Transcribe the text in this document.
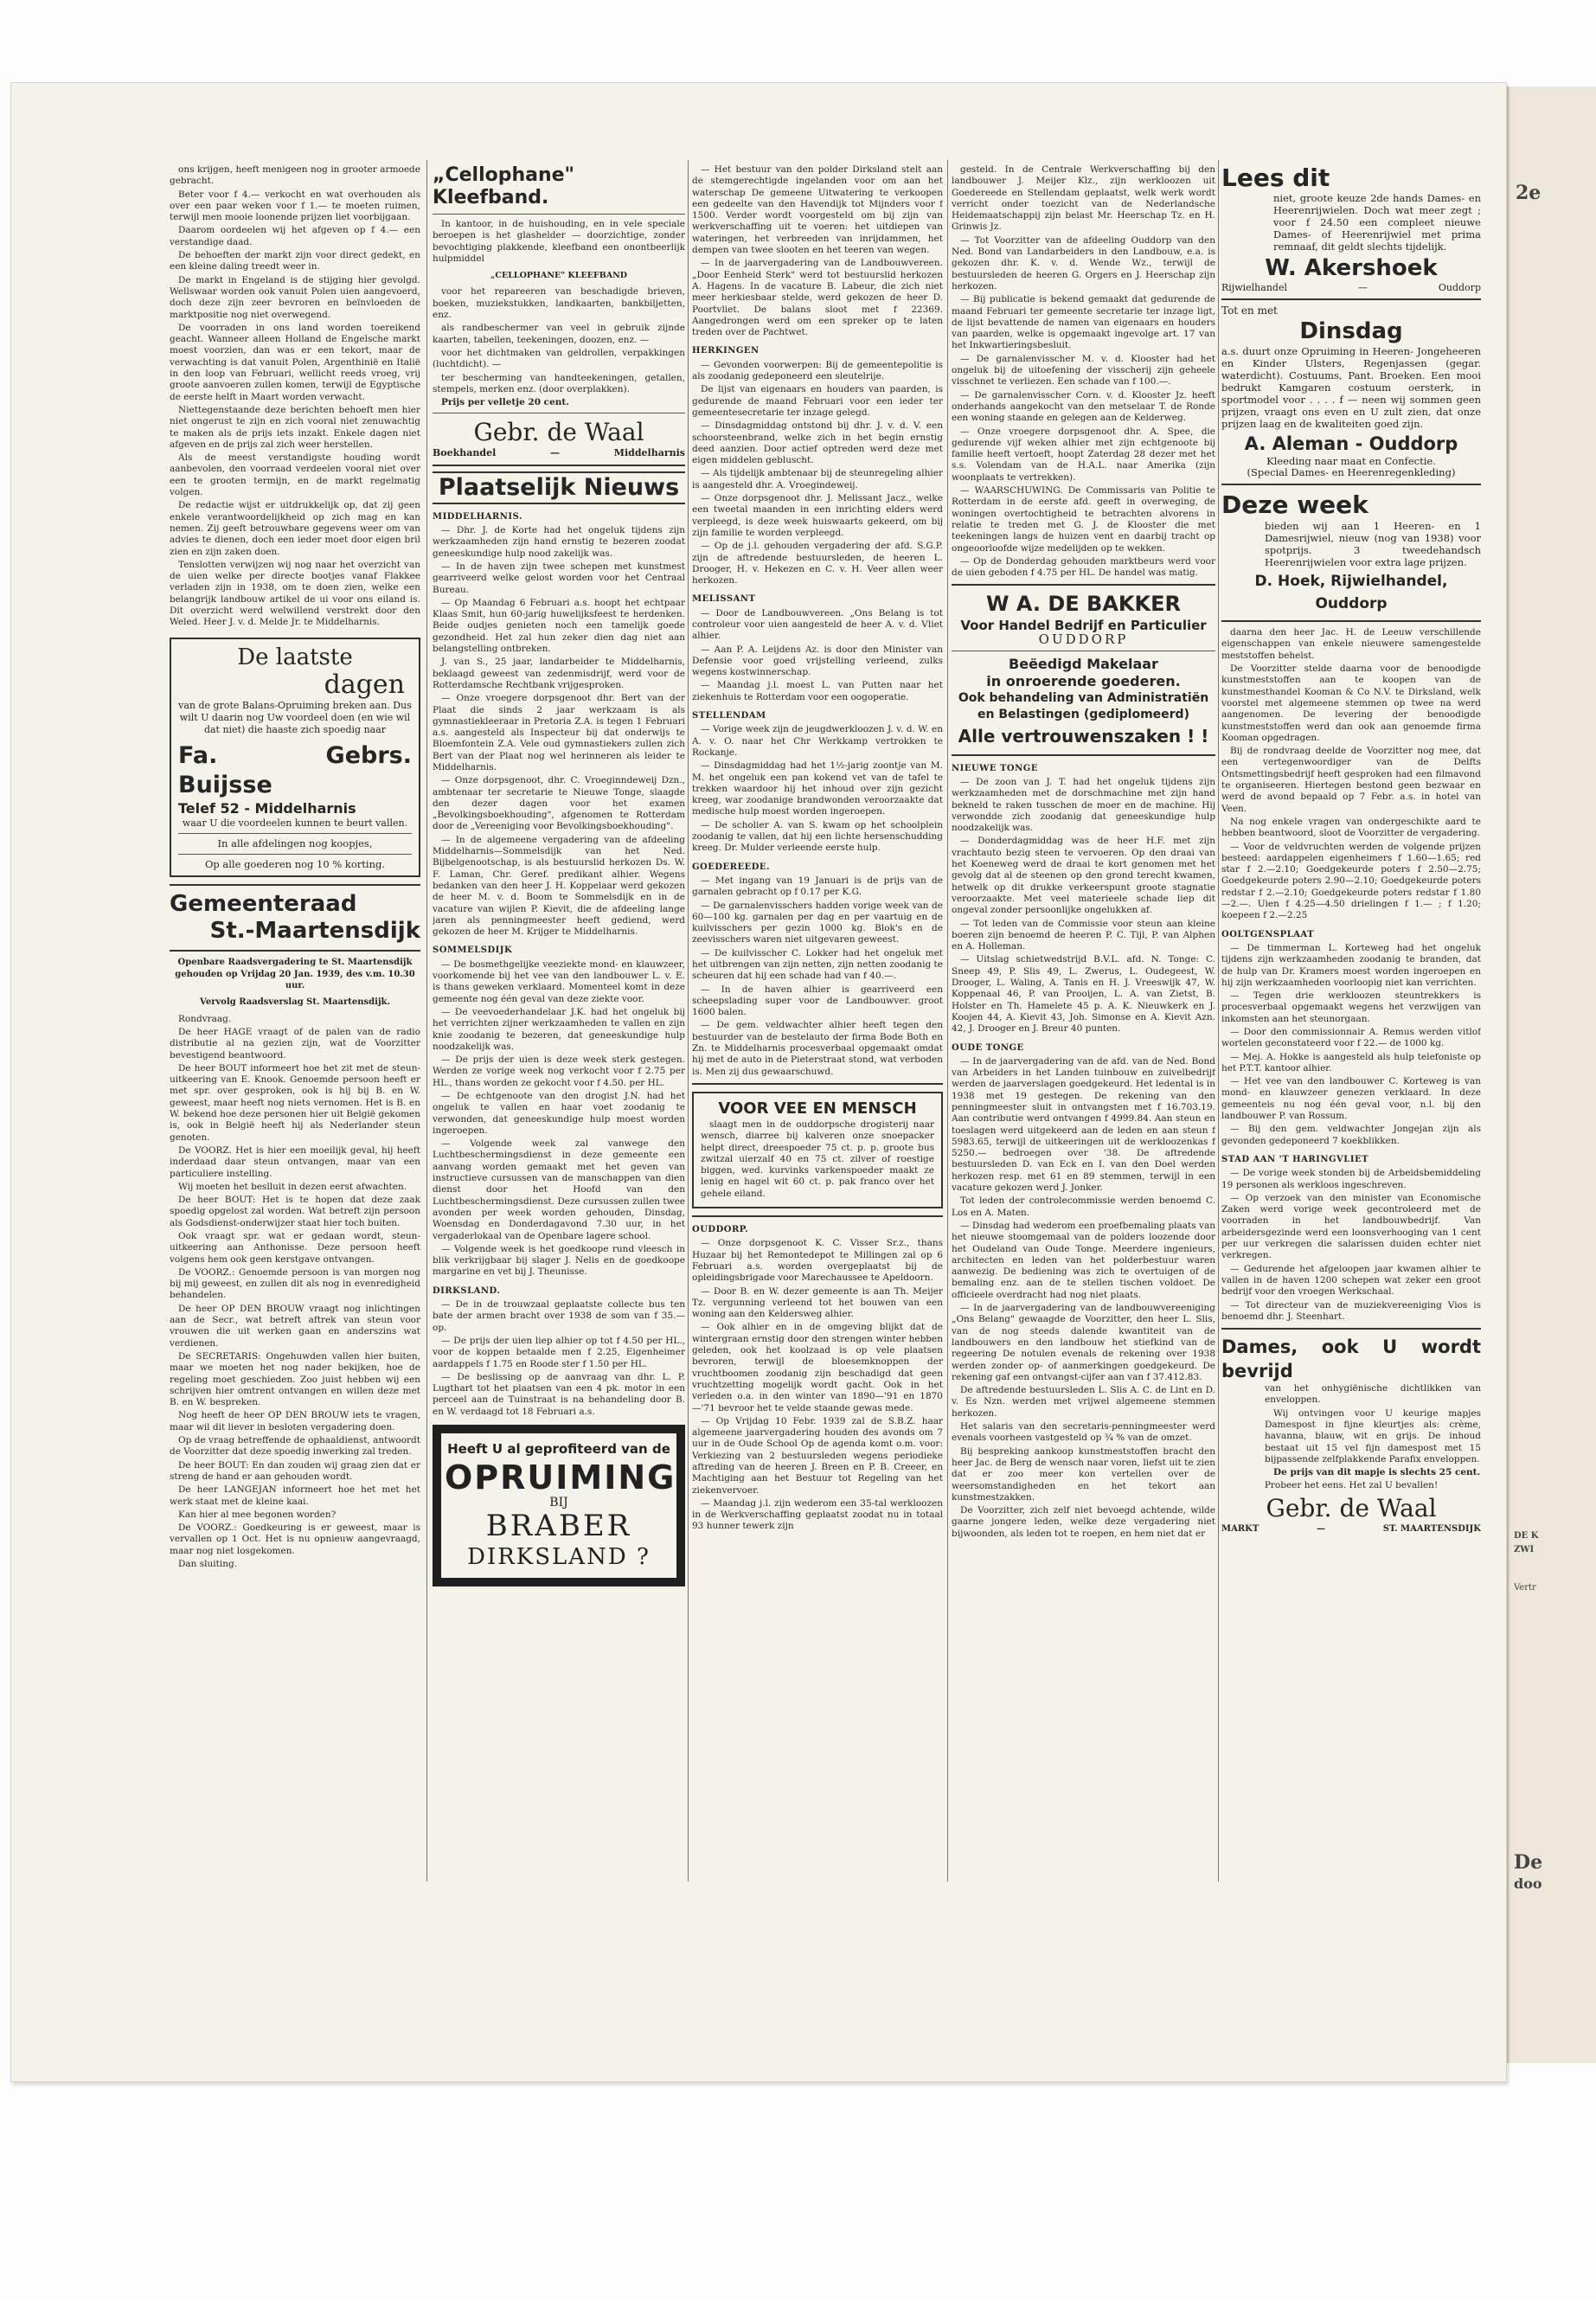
2e
DE K
ZWI
Vertr
De
doo

ons krijgen, heeft menigeen nog in grooter armoede gebracht.

Beter voor f 4.— verkocht en wat overhouden als over een paar weken voor f 1.— te moeten ruimen, terwijl men mooie loonende prijzen liet voorbijgaan.

Daarom oordeelen wij het afgeven op f 4.— een verstandige daad.

De behoeften der markt zijn voor direct gedekt, en een kleine daling treedt weer in.

De markt in Engeland is de stijging hier gevolgd. Wellswaar worden ook vanuit Polen uien aangevoerd, doch deze zijn zeer bevroren en beïnvloeden de marktpositie nog niet overwegend.

De voorraden in ons land worden toereikend geacht. Wanneer alleen Holland de Engelsche markt moest voorzien, dan was er een tekort, maar de verwachting is dat vanuit Polen, Argenthinië en Italië in den loop van Februari, wellicht reeds vroeg, vrij groote aanvoeren zullen komen, terwijl de Egyptische de eerste helft in Maart worden verwacht.

Niettegenstaande deze berichten behoeft men hier niet ongerust te zijn en zich vooral niet zenuwachtig te maken als de prijs iets inzakt. Enkele dagen niet afgeven en de prijs zal zich weer herstellen.

Als de meest verstandigste houding wordt aanbevolen, den voorraad verdeelen vooral niet over een te grooten termijn, en de markt regelmatig volgen.

De redactie wijst er uitdrukkelijk op, dat zij geen enkele verantwoordelijkheid op zich mag en kan nemen. Zij geeft betrouwbare gegevens weer om van advies te dienen, doch een ieder moet door eigen bril zien en zijn zaken doen.

Tenslotten verwijzen wij nog naar het overzicht van de uien welke per directe bootjes vanaf Flakkee verladen zijn in 1938, om te doen zien, welke een belangrijk landbouw artikel de ui voor ons eiland is. Dit overzicht werd welwillend verstrekt door den Weled. Heer J. v. d. Melde Jr. te Middelharnis.

De laatste
dagen
van de grote Balans-Opruiming breken aan. Dus wilt U daarin nog Uw voordeel doen (en wie wil dat niet) die haaste zich spoedig naar
Fa. Gebrs. Buijsse
Telef 52 - Middelharnis
waar U die voordeelen kunnen te beurt vallen.
In alle afdelingen nog koopjes,
Op alle goederen nog 10 % korting.
Gemeenteraad
St.-Maartensdijk

Openbare Raadsvergadering te St. Maartensdijk gehouden op Vrijdag 20 Jan. 1939, des v.m. 10.30 uur.

Vervolg Raadsverslag St. Maartensdijk.

Rondvraag.

De heer HAGE vraagt of de palen van de radio distributie al na gezien zijn, wat de Voorzitter bevestigend beantwoord.

De heer BOUT informeert hoe het zit met de steun-uitkeering van E. Knook. Genoemde persoon heeft er met spr. over gesproken, ook is hij bij B. en W. geweest, maar heeft nog niets vernomen. Het is B. en W. bekend hoe deze personen hier uit België gekomen is, ook in België heeft hij als Nederlander steun genoten.

De VOORZ. Het is hier een moeilijk geval, hij heeft inderdaad daar steun ontvangen, maar van een particuliere instelling.

Wij moeten het beslluit in dezen eerst afwachten.

De heer BOUT: Het is te hopen dat deze zaak spoedig opgelost zal worden. Wat betreft zijn persoon als Godsdienst-onderwijzer staat hier toch buiten.

Ook vraagt spr. wat er gedaan wordt, steun-uitkeering aan Anthonisse. Deze persoon heeft volgens hem ook geen kerstgave ontvangen.

De VOORZ.: Genoemde persoon is van morgen nog bij mij geweest, en zullen dit als nog in evenredigheid behandelen.

De heer OP DEN BROUW vraagt nog inlichtingen aan de Secr., wat betreft aftrek van steun voor vrouwen die uit werken gaan en anderszins wat verdienen.

De SECRETARIS: Ongehuwden vallen hier buiten, maar we moeten het nog nader bekijken, hoe de regeling moet geschieden. Zoo juist hebben wij een schrijven hier omtrent ontvangen en willen deze met B. en W. bespreken.

Nog heeft de heer OP DEN BROUW iets te vragen, maar wil dit liever in besloten vergadering doen.

Op de vraag betreffende de ophaaldienst, antwoordt de Voorzitter dat deze spoedig inwerking zal treden.

De heer BOUT: En dan zouden wij graag zien dat er streng de hand er aan gehouden wordt.

De heer LANGEJAN informeert hoe het met het werk staat met de kleine kaai.

Kan hier al mee begonen worden?

De VOORZ.: Goedkeuring is er geweest, maar is vervallen op 1 Oct. Het is nu opnieuw aangevraagd, maar nog niet losgekomen.

Dan sluiting.

„Cellophane" Kleefband.

In kantoor, in de huishouding, en in vele speciale beroepen is het glashelder — doorzichtige, zonder bevochtiging plakkende, kleefband een onontbeerlijk hulpmiddel

„CELLOPHANE" KLEEFBAND

voor het repareeren van beschadigde brieven, boeken, muziekstukken, landkaarten, bankbiljetten, enz.

als randbeschermer van veel in gebruik zijnde kaarten, tabellen, teekeningen, doozen, enz. —

voor het dichtmaken van geldrollen, verpakkingen (luchtdicht). —

ter bescherming van handteekeningen, getallen, stempels, merken enz. (door overplakken).

Prijs per velletje 20 cent.

Gebr. de Waal
Boekhandel	—	Middelharnis
Plaatselijk Nieuws

MIDDELHARNIS.

— Dhr. J. de Korte had het ongeluk tijdens zijn werkzaamheden zijn hand ernstig te bezeren zoodat geneeskundige hulp nood zakelijk was.

— In de haven zijn twee schepen met kunstmest gearriveerd welke gelost worden voor het Centraal Bureau.

— Op Maandag 6 Februari a.s. hoopt het echtpaar Klaas Smit, hun 60-jarig huwelijksfeest te herdenken. Beide oudjes genieten noch een tamelijk goede gezondheid. Het zal hun zeker dien dag niet aan belangstelling ontbreken.

J. van S., 25 jaar, landarbeider te Middelharnis, beklaagd geweest van zedenmisdrijf, werd voor de Rotterdamsche Rechtbank vrijgesproken.

— Onze vroegere dorpsgenoot dhr. Bert van der Plaat die sinds 2 jaar werkzaam is als gymnastiekleeraar in Pretoria Z.A. is tegen 1 Februari a.s. aangesteld als Inspecteur bij dat onderwijs te Bloemfontein Z.A. Vele oud gymnastiekers zullen zich Bert van der Plaat nog wel herinneren als leider te Middelharnis.

— Onze dorpsgenoot, dhr. C. Vroeginndeweij Dzn., ambtenaar ter secretarie te Nieuwe Tonge, slaagde den dezer dagen voor het examen „Bevolkingsboekhouding", afgenomen te Rotterdam door de „Vereeniging voor Bevolkingsboekhouding".

— In de algemeene vergadering van de afdeeling Middelharnis—Sommelsdijk van het Ned. Bijbelgenootschap, is als bestuurslid herkozen Ds. W. F. Laman, Chr. Geref. predikant alhier. Wegens bedanken van den heer J. H. Koppelaar werd gekozen de heer M. v. d. Boom te Sommelsdijk en in de vacature van wijlen P. Kievit, die de afdeeling lange jaren als penningmeester heeft gediend, werd gekozen de heer M. Krijger te Middelharnis.

SOMMELSDIJK

— De bosmethgelijke veeziekte mond- en klauwzeer, voorkomende bij het vee van den landbouwer L. v. E. is thans geweken verklaard. Momenteel komt in deze gemeente nog één geval van deze ziekte voor.

— De veevoederhandelaar J.K. had het ongeluk bij het verrichten zijner werkzaamheden te vallen en zijn knie zoodanig te bezeren, dat geneeskundige hulp noodzakelijk was.

— De prijs der uien is deze week sterk gestegen. Werden ze vorige week nog verkocht voor f 2.75 per HL., thans worden ze gekocht voor f 4.50. per HL.

— De echtgenoote van den drogist J.N. had het ongeluk te vallen en haar voet zoodanig te verwonden, dat geneeskundige hulp moest worden ingeroepen.

— Volgende week zal vanwege den Luchtbeschermingsdienst in deze gemeente een aanvang worden gemaakt met het geven van instructieve cursussen van de manschappen van dien dienst door het Hoofd van den Luchtbeschermingsdienst. Deze cursussen zullen twee avonden per week worden gehouden, Dinsdag, Woensdag en Donderdagavond 7.30 uur, in het vergaderlokaal van de Openbare lagere school.

— Volgende week is het goedkoope rund vleesch in blik verkrijgbaar bij slager J. Nelis en de goedkoope margarine en vet bij J. Theunisse.

DIRKSLAND.

— De in de trouwzaal geplaatste collecte bus ten bate der armen bracht over 1938 de som van f 35.— op.

— De prijs der uien liep alhier op tot f 4.50 per HL., voor de koppen betaalde men f 2.25, Eigenheimer aardappels f 1.75 en Roode ster f 1.50 per HL.

— De beslissing op de aanvraag van dhr. L. P. Lugthart tot het plaatsen van een 4 pk. motor in een perceel aan de Tuinstraat is na behandeling door B. en W. verdaagd tot 18 Februari a.s.

Heeft U al geprofiteerd van de
OPRUIMING
BIJ
BRABER
DIRKSLAND ?

— Het bestuur van den polder Dirksland stelt aan de stemgerechtigde ingelanden voor om aan het waterschap De gemeene Uitwatering te verkoopen een gedeelte van den Havendijk tot Mijnders voor f 1500. Verder wordt voorgesteld om bij zijn van werkverschaffing uit te voeren: het uitdiepen van wateringen, het verbreeden van inrijdammen, het dempen van twee slooten en het teeren van wegen.

— In de jaarvergadering van de Landbouwvereen. „Door Eenheid Sterk" werd tot bestuurslid herkozen A. Hagens. In de vacature B. Labeur, die zich niet meer herkiesbaar stelde, werd gekozen de heer D. Poortvliet. De balans sloot met f 22369. Aangedrongen werd om een spreker op te laten treden over de Pachtwet.

HERKINGEN

— Gevonden voorwerpen: Bij de gemeentepolitie is als zoodanig gedeponeerd een sleutelrije.

De lijst van eigenaars en houders van paarden, is gedurende de maand Februari voor een ieder ter gemeentesecretarie ter inzage gelegd.

— Dinsdagmiddag ontstond bij dhr. J. v. d. V. een schoorsteenbrand, welke zich in het begin ernstig deed aanzien. Door actief optreden werd deze met eigen middelen gebluscht.

— Als tijdelijk ambtenaar bij de steunregeling alhier is aangesteld dhr. A. Vroegindeweij.

— Onze dorpsgenoot dhr. J. Melissant Jacz., welke een tweetal maanden in een inrichting elders werd verpleegd, is deze week huiswaarts gekeerd, om bij zijn familie te worden verpleegd.

— Op de j.l. gehouden vergadering der afd. S.G.P. zijn de aftredende bestuursleden, de heeren L. Drooger, H. v. Hekezen en C. v. H. Veer allen weer herkozen.

MELISSANT

— Door de Landbouwvereen. „Ons Belang is tot controleur voor uien aangesteld de heer A. v. d. Vliet alhier.

— Aan P. A. Leijdens Az. is door den Minister van Defensie voor goed vrijstelling verleend, zulks wegens kostwinnerschap.

— Maandag j.l. moest L. van Putten naar het ziekenhuis te Rotterdam voor een oogoperatie.

STELLENDAM

— Vorige week zijn de jeugdwerkloozen J. v. d. W. en A. v. O. naar het Chr Werkkamp vertrokken te Rockanje.

— Dinsdagmiddag had het 1½-jarig zoontje van M. M. het ongeluk een pan kokend vet van de tafel te trekken waardoor hij het inhoud over zijn gezicht kreeg, war zoodanige brandwonden veroorzaakte dat medische hulp moest worden ingeroepen.

— De scholier A. van S. kwam op het schoolplein zoodanig te vallen, dat hij een lichte hersenschudding kreeg. Dr. Mulder verleende eerste hulp.

GOEDEREEDE.

— Met ingang van 19 Januari is de prijs van de garnalen gebracht op f 0.17 per K.G.

— De garnalenvisschers hadden vorige week van de 60—100 kg. garnalen per dag en per vaartuig en de kuilvisschers per gezin 1000 kg. Blok's en de zeevisschers waren niet uitgevaren geweest.

— De kuilvisscher C. Lokker had het ongeluk met het uitbrengen van zijn netten, zijn netten zoodanig te scheuren dat hij een schade had van f 40.—.

— In de haven alhier is gearriveerd een scheepslading super voor de Landbouwver. groot 1600 balen.

— De gem. veldwachter alhier heeft tegen den bestuurder van de bestelauto der firma Bode Both en Zn. te Middelharnis procesverbaal opgemaakt omdat hij met de auto in de Pieterstraat stond, wat verboden is. Men zij dus gewaarschuwd.

VOOR VEE EN MENSCH

slaagt men in de ouddorpsche drogisterij naar wensch, diarree bij kalveren onze snoepacker helpt direct, dreespoeder 75 ct. p. p. groote bus zwitzal uierzalf 40 en 75 ct. zilver of roestige biggen, wed. kurvinks varkenspoeder maakt ze lenig en hagel wit 60 ct. p. pak franco over het gehele eiland.

OUDDORP.

— Onze dorpsgenoot K. C. Visser Sr.z., thans Huzaar bij het Remontedepot te Millingen zal op 6 Februari a.s. worden overgeplaatst bij de opleidingsbrigade voor Marechaussee te Apeldoorn.

— Door B. en W. dezer gemeente is aan Th. Meijer Tz. vergunning verleend tot het bouwen van een woning aan den Keldersweg alhier.

— Ook alhier en in de omgeving blijkt dat de wintergraan ernstig door den strengen winter hebben geleden, ook het koolzaad is op vele plaatsen bevroren, terwijl de bloesemknoppen der vruchtboomen zoodanig zijn beschadigd dat geen vruchtzetting mogelijk wordt gacht. Ook in het verleden o.a. in den winter van 1890—'91 en 1870—'71 bevroor het te velde staande gewas mede.

— Op Vrijdag 10 Febr. 1939 zal de S.B.Z. haar algemeene jaarvergadering houden des avonds om 7 uur in de Oude School Op de agenda komt o.m. voor: Verkiezing van 2 bestuursleden wegens periodieke aftreding van de heeren J. Breen en P. B. Creeer, en Machtiging aan het Bestuur tot Regeling van het ziekenvervoer.

— Maandag j.l. zijn wederom een 35-tal werkloozen in de Werkverschaffing geplaatst zoodat nu in totaal 93 hunner tewerk zijn

gesteld. In de Centrale Werkverschaffing bij den landbouwer J. Meijer Klz., zijn werkloozen uit Goedereede en Stellendam geplaatst, welk werk wordt verricht onder toezicht van de Nederlandsche Heidemaatschappij zijn belast Mr. Heerschap Tz. en H. Grinwis Jz.

— Tot Voorzitter van de afdeeling Ouddorp van den Ned. Bond van Landarbeiders in den Landbouw, e.a. is gekozen dhr. K. v. d. Wende Wz., terwijl de bestuursleden de heeren G. Orgers en J. Heerschap zijn herkozen.

— Bij publicatie is bekend gemaakt dat gedurende de maand Februari ter gemeente secretarie ter inzage ligt, de lijst bevattende de namen van eigenaars en houders van paarden, welke is opgemaakt ingevolge art. 17 van het Inkwartieringsbesluit.

— De garnalenvisscher M. v. d. Klooster had het ongeluk bij de uitoefening der visscherij zijn geheele visschnet te verliezen. Een schade van f 100.—.

— De garnalenvisscher Corn. v. d. Klooster Jz. heeft onderhands aangekocht van den metselaar T. de Ronde een woning staande en gelegen aan de Kelderweg.

— Onze vroegere dorpsgenoot dhr. A. Spee, die gedurende vijf weken alhier met zijn echtgenoote bij familie heeft vertoeft, hoopt Zaterdag 28 dezer met het s.s. Volendam van de H.A.L. naar Amerika (zijn woonplaats te vertrekken).

— WAARSCHUWING. De Commissaris van Politie te Rotterdam in de eerste afd. geeft in overweging, de woningen overtochtigheid te betrachten alvorens in relatie te treden met G. J. de Klooster die met teekeningen langs de huizen vent en daarbij tracht op ongeoorloofde wijze medelijden op te wekken.

— Op de Donderdag gehouden marktbeurs werd voor de uien geboden f 4.75 per HL. De handel was matig.

W A. DE BAKKER
Voor Handel Bedrijf en Particulier
OUDDORP
Beëedigd Makelaar
in onroerende goederen.
Ook behandeling van Administratiën en Belastingen (gediplomeerd)
Alle vertrouwenszaken ! !

NIEUWE TONGE

— De zoon van J. T. had het ongeluk tijdens zijn werkzaamheden met de dorschmachine met zijn hand bekneld te raken tusschen de moer en de machine. Hij verwondde zich zoodanig dat geneeskundige hulp noodzakelijk was.

— Donderdagmiddag was de heer H.F. met zijn vrachtauto bezig steen te vervoeren. Op den draai van het Koeneweg werd de draai te kort genomen met het gevolg dat al de steenen op den grond terecht kwamen, hetwelk op dit drukke verkeerspunt groote stagnatie veroorzaakte. Met veel materieele schade liep dit ongeval zonder persoonlijke ongelukken af.

— Tot leden van de Commissie voor steun aan kleine boeren zijn benoemd de heeren P. C. Tijl, P. van Alphen en A. Holleman.

— Uitslag schietwedstrijd B.V.L. afd. N. Tonge: C. Sneep 49, P. Slis 49, L. Zwerus, L. Oudegeest, W. Drooger, L. Waling, A. Tanis en H. J. Vreeswijk 47, W. Koppenaal 46, P. van Prooijen, L. A. van Zietst, B. Holster en Th. Hamelete 45 p. A. K. Nieuwkerk en J. Koojen 44, A. Kievit 43, Joh. Simonse en A. Kievit Azn. 42, J. Drooger en J. Breur 40 punten.

OUDE TONGE

— In de jaarvergadering van de afd. van de Ned. Bond van Arbeiders in het Landen tuinbouw en zuivelbedrijf werden de jaarverslagen goedgekeurd. Het ledental is in 1938 met 19 gestegen. De rekening van den penningmeester sluit in ontvangsten met f 16.703.19. Aan contributie werd ontvangen f 4999.84. Aan steun en toeslagen werd uitgekeerd aan de leden en aan steun f 5983.65, terwijl de uitkeeringen uit de werkloozenkas f 5250.— bedroegen over '38. De aftredende bestuursleden D. van Eck en I. van den Doel werden herkozen resp. met 61 en 89 stemmen, terwijl in een vacature gekozen werd J. Jonker.

Tot leden der controlecommissie werden benoemd C. Los en A. Maten.

— Dinsdag had wederom een proefbemaling plaats van het nieuwe stoomgemaal van de polders loozende door het Oudeland van Oude Tonge. Meerdere ingenieurs, architecten en leden van het polderbestuur waren aanwezig. De bediening was zich te overtuigen of de bemaling enz. aan de te stellen tischen voldoet. De officieele overdracht had nog niet plaats.

— In de jaarvergadering van de landbouwvereeniging „Ons Belang" gewaagde de Voorzitter, den heer L. Slis, van de nog steeds dalende kwantiteit van de landbouwers en den landbouw het stiefkind van de regeering De notulen evenals de rekening over 1938 werden zonder op- of aanmerkingen goedgekeurd. De rekening gaf een ontvangst-cijfer aan van f 37.412.83.

De aftredende bestuursleden L. Slis A. C. de Lint en D. v. Es Nzn. werden met vrijwel algemeene stemmen herkozen.

Het salaris van den secretaris-penningmeester werd evenals voorheen vastgesteld op ¾ % van de omzet.

Bij bespreking aankoop kunstmeststoffen bracht den heer Jac. de Berg de wensch naar voren, liefst uit te zien dat er zoo meer kon vertellen over de weersomstandigheden en het tekort aan kunstmestzakken.

De Voorzitter, zich zelf niet bevoegd achtende, wilde gaarne jongere leden, welke deze vergadering niet bijwoonden, als leden tot te roepen, en hem niet dat er

Lees dit

niet, groote keuze 2de hands Dames- en Heerenrijwielen. Doch wat meer zegt ; voor f 24.50 een compleet nieuwe Dames- of Heerenrijwiel met prima remnaaf, dit geldt slechts tijdelijk.

W. Akershoek
Rijwielhandel	—	Ouddorp
Tot en met
Dinsdag

a.s. duurt onze Opruiming in Heeren- Jongeheeren en Kinder Ulsters, Regenjassen (gegar. waterdicht). Costuums, Pant. Broeken. Een mooi bedrukt Kamgaren costuum oersterk, in sportmodel voor . . . . f — neen wij sommen geen prijzen, vraagt ons even en U zult zien, dat onze prijzen laag en de kwaliteiten goed zijn.

A. Aleman - Ouddorp
Kleeding naar maat en Confectie.
(Special Dames- en Heerenregenkleding)
Deze week

bieden wij aan 1 Heeren- en 1 Damesrijwiel, nieuw (nog van 1938) voor spotprijs. 3 tweedehandsch Heerenrijwielen voor extra lage prijzen.

D. Hoek, Rijwielhandel, Ouddorp

daarna den heer Jac. H. de Leeuw verschillende eigenschappen van enkele nieuwere samengestelde meststoffen behelst.

De Voorzitter stelde daarna voor de benoodigde kunstmeststoffen aan te koopen van de kunstmesthandel Kooman & Co N.V. te Dirksland, welk voorstel met algemeene stemmen op twee na werd aangenomen. De levering der benoodigde kunstmeststoffen werd dan ook aan genoemde firma Kooman opgedragen.

Bij de rondvraag deelde de Voorzitter nog mee, dat een vertegenwoordiger van de Delfts Ontsmettingsbedrijf heeft gesproken had een filmavond te organiseeren. Hiertegen bestond geen bezwaar en werd de avond bepaald op 7 Febr. a.s. in hotel van Veen.

Na nog enkele vragen van ondergeschikte aard te hebben beantwoord, sloot de Voorzitter de vergadering.

— Voor de veldvruchten werden de volgende prijzen besteed: aardappelen eigenheimers f 1.60—1.65; red star f 2.—2.10; Goedgekeurde poters f 2.50—2.75; Goedgekeurde poters 2.90—2.10; Goedgekeurde poters redstar f 2.—2.10; Goedgekeurde poters redstar f 1.80—2.—. Uien f 4.25—4.50 drielingen f 1.— ; f 1.20; koepeen f 2.—2.25

OOLTGENSPLAAT

— De timmerman L. Korteweg had het ongeluk tijdens zijn werkzaamheden zoodanig te branden, dat de hulp van Dr. Kramers moest worden ingeroepen en hij zijn werkzaamheden voorloopig niet kan verrichten.

— Tegen drie werkloozen steuntrekkers is procesverbaal opgemaakt wegens het verzwijgen van inkomsten aan het steunorgaan.

— Door den commissionnair A. Remus werden vitlof wortelen geconstateerd voor f 22.— de 1000 kg.

— Mej. A. Hokke is aangesteld als hulp telefoniste op het P.T.T. kantoor alhier.

— Het vee van den landbouwer C. Korteweg is van mond- en klauwzeer genezen verklaard. In deze gemeenteis nu nog één geval voor, n.l. bij den landbouwer P. van Rossum.

— Bij den gem. veldwachter Jongejan zijn als gevonden gedeponeerd 7 koekblikken.

STAD AAN 'T HARINGVLIET

— De vorige week stonden bij de Arbeidsbemiddeling 19 personen als werkloos ingeschreven.

— Op verzoek van den minister van Economische Zaken werd vorige week gecontroleerd met de voorraden in het landbouwbedrijf. Van arbeidersgezinde werd een loonsverhooging van 1 cent per uur verkregen die salarissen duiden echter niet verkregen.

— Gedurende het afgeloopen jaar kwamen alhier te vallen in de haven 1200 schepen wat zeker een groot bedrijf voor den vroegen Werkschaal.

— Tot directeur van de muziekvereeniging Vios is benoemd dhr. J. Steenhart.

Dames, ook U wordt bevrijd

van het onhygiënische dichtlikken van enveloppen.

Wij ontvingen voor U keurige mapjes Damespost in fijne kleurtjes als: crème, havanna, blauw, wit en grijs. De inhoud bestaat uit 15 vel fijn damespost met 15 bijpassende zelfplakkende Parafix enveloppen.

De prijs van dit mapje is slechts 25 cent.

Probeer het eens. Het zal U bevallen!

Gebr. de Waal
MARKT	—	ST. MAARTENSDIJK
